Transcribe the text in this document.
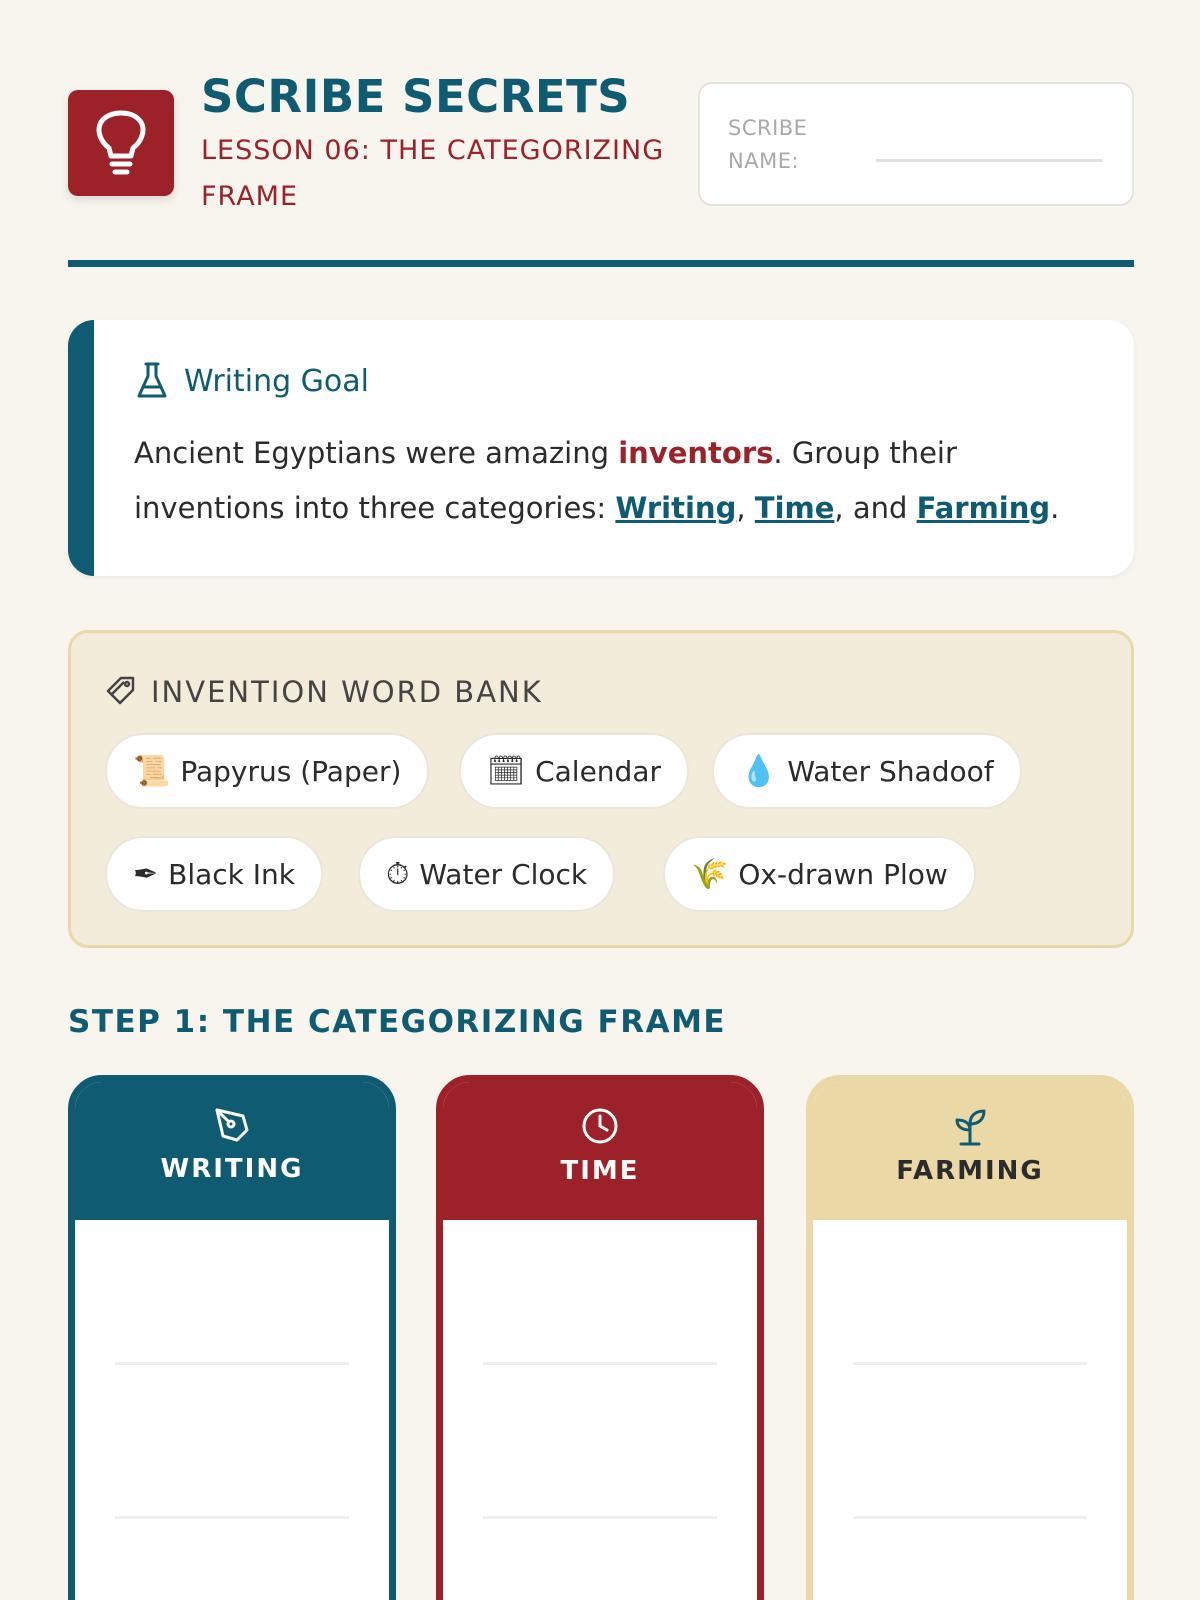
SCRIBE SECRETS
LESSON 06: THE CATEGORIZING FRAME
SCRIBE NAME:
Writing Goal
Ancient Egyptians were amazing inventors. Group their inventions into three categories: Writing, Time, and Farming.
INVENTION WORD BANK
📜 Papyrus (Paper)	🗓 Calendar	💧 Water Shadoof
✒ Black Ink	⏱ Water Clock	🌾 Ox-drawn Plow
STEP 1: THE CATEGORIZING FRAME
WRITING	TIME	FARMING
